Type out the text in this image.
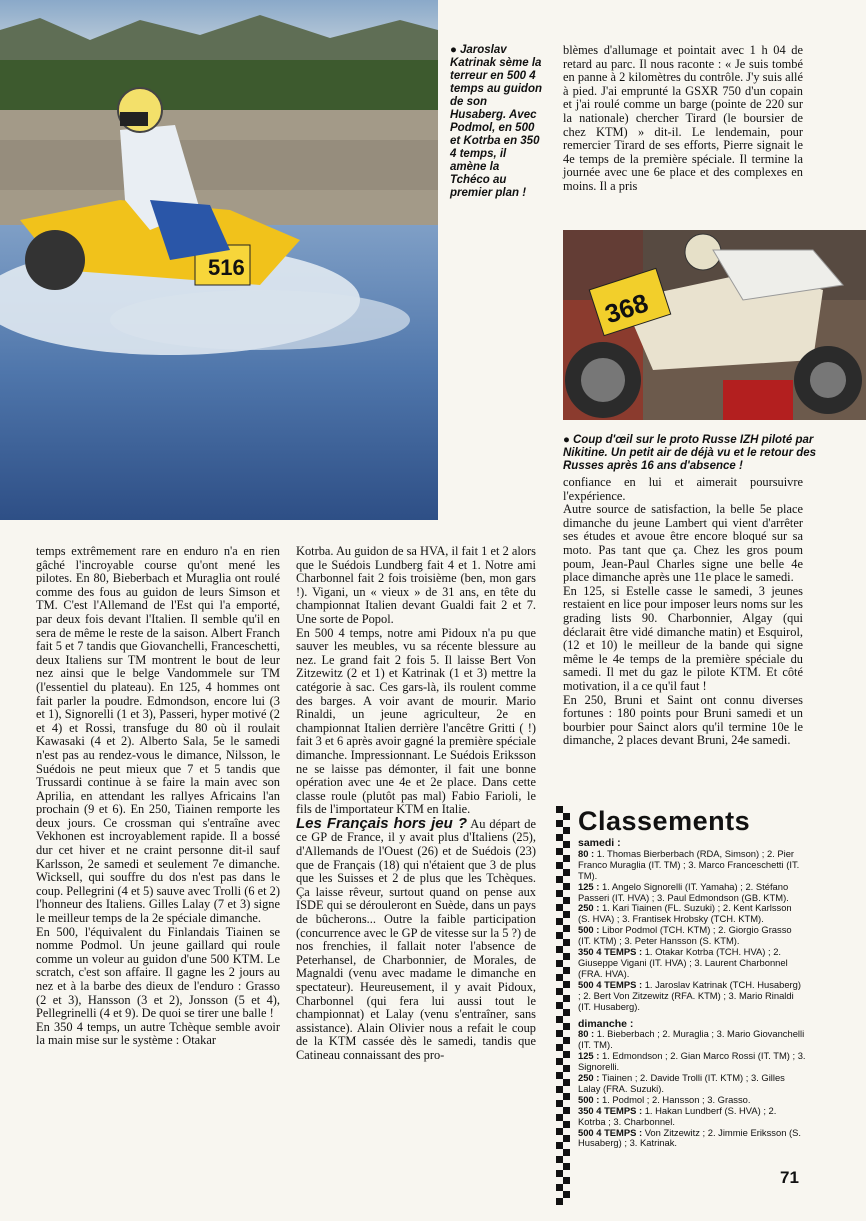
516
● Jaroslav Katrinak sème la terreur en 500 4 temps au guidon de son Husaberg. Avec Podmol, en 500 et Kotrba en 350 4 temps, il amène la Tchéco au premier plan !

blèmes d'allumage et pointait avec 1 h 04 de retard au parc. Il nous raconte : « Je suis tombé en panne à 2 kilomètres du contrôle. J'y suis allé à pied. J'ai emprunté la GSXR 750 d'un copain et j'ai roulé comme un barge (pointe de 220 sur la nationale) chercher Tirard (le boursier de chez KTM) » dit-il. Le lendemain, pour remercier Tirard de ses efforts, Pierre signait le 4e temps de la première spéciale. Il termine la journée avec une 6e place et des complexes en moins. Il a pris

368
● Coup d'œil sur le proto Russe IZH piloté par Nikitine. Un petit air de déjà vu et le retour des Russes après 16 ans d'absence !

confiance en lui et aimerait poursuivre l'expérience.

Autre source de satisfaction, la belle 5e place dimanche du jeune Lambert qui vient d'arrêter ses études et avoue être encore bloqué sur sa moto. Pas tant que ça. Chez les gros poum poum, Jean-Paul Charles signe une belle 4e place dimanche après une 11e place le samedi.

En 125, si Estelle casse le samedi, 3 jeunes restaient en lice pour imposer leurs noms sur les grading lists 90. Charbonnier, Algay (qui déclarait être vidé dimanche matin) et Esquirol, (12 et 10) le meilleur de la bande qui signe même le 4e temps de la première spéciale du samedi. Il met du gaz le pilote KTM. Et côté motivation, il a ce qu'il faut !

En 250, Bruni et Saint ont connu diverses fortunes : 180 points pour Bruni samedi et un bourbier pour Sainct alors qu'il termine 10e le dimanche, 2 places devant Bruni, 24e samedi.

temps extrêmement rare en enduro n'a en rien gâché l'incroyable course qu'ont mené les pilotes. En 80, Bieberbach et Muraglia ont roulé comme des fous au guidon de leurs Simson et TM. C'est l'Allemand de l'Est qui l'a emporté, par deux fois devant l'Italien. Il semble qu'il en sera de même le reste de la saison. Albert Franch fait 5 et 7 tandis que Giovanchelli, Franceschetti, deux Italiens sur TM montrent le bout de leur nez ainsi que le belge Vandommele sur TM (l'essentiel du plateau). En 125, 4 hommes ont fait parler la poudre. Edmondson, encore lui (3 et 1), Signorelli (1 et 3), Passeri, hyper motivé (2 et 4) et Rossi, transfuge du 80 où il roulait Kawasaki (4 et 2). Alberto Sala, 5e le samedi n'est pas au rendez-vous le dimance, Nilsson, le Suédois ne peut mieux que 7 et 5 tandis que Trussardi continue à se faire la main avec son Aprilia, en attendant les rallyes Africains l'an prochain (9 et 6). En 250, Tiainen remporte les deux jours. Ce crossman qui s'entraîne avec Vekhonen est incroyablement rapide. Il a bossé dur cet hiver et ne craint personne dit-il sauf Karlsson, 2e samedi et seulement 7e dimanche. Wicksell, qui souffre du dos n'est pas dans le coup. Pellegrini (4 et 5) sauve avec Trolli (6 et 2) l'honneur des Italiens. Gilles Lalay (7 et 3) signe le meilleur temps de la 2e spéciale dimanche.

En 500, l'équivalent du Finlandais Tiainen se nomme Podmol. Un jeune gaillard qui roule comme un voleur au guidon d'une 500 KTM. Le scratch, c'est son affaire. Il gagne les 2 jours au nez et à la barbe des dieux de l'enduro : Grasso (2 et 3), Hansson (3 et 2), Jonsson (5 et 4), Pellegrinelli (4 et 9). De quoi se tirer une balle !

En 350 4 temps, un autre Tchèque semble avoir la main mise sur le système : Otakar

Kotrba. Au guidon de sa HVA, il fait 1 et 2 alors que le Suédois Lundberg fait 4 et 1. Notre ami Charbonnel fait 2 fois troisième (ben, mon gars !). Vigani, un « vieux » de 31 ans, en tête du championnat Italien devant Gualdi fait 2 et 7. Une sorte de Popol.

En 500 4 temps, notre ami Pidoux n'a pu que sauver les meubles, vu sa récente blessure au nez. Le grand fait 2 fois 5. Il laisse Bert Von Zitzewitz (2 et 1) et Katrinak (1 et 3) mettre la catégorie à sac. Ces gars-là, ils roulent comme des barges. A voir avant de mourir. Mario Rinaldi, un jeune agriculteur, 2e en championnat Italien derrière l'ancêtre Gritti ( !) fait 3 et 6 après avoir gagné la première spéciale dimanche. Impressionnant. Le Suédois Eriksson ne se laisse pas démonter, il fait une bonne opération avec une 4e et 2e place. Dans cette classe roule (plutôt pas mal) Fabio Farioli, le fils de l'importateur KTM en Italie.

Les Français hors jeu ? Au départ de ce GP de France, il y avait plus d'Italiens (25), d'Allemands de l'Ouest (26) et de Suédois (23) que de Français (18) qui n'étaient que 3 de plus que les Suisses et 2 de plus que les Tchèques. Ça laisse rêveur, surtout quand on pense aux ISDE qui se dérouleront en Suède, dans un pays de bûcherons... Outre la faible participation (concurrence avec le GP de vitesse sur la 5 ?) de nos frenchies, il fallait noter l'absence de Peterhansel, de Charbonnier, de Morales, de Magnaldi (venu avec madame le dimanche en spectateur). Heureusement, il y avait Pidoux, Charbonnel (qui fera lui aussi tout le championnat) et Lalay (venu s'entraîner, sans assistance). Alain Olivier nous a refait le coup de la KTM cassée dès le samedi, tandis que Catineau connaissant des pro-

Classements
samedi :
80 : 1. Thomas Bierberbach (RDA, Simson) ; 2. Pier Franco Muraglia (IT. TM) ; 3. Marco Franceschetti (IT. TM).
125 : 1. Angelo Signorelli (IT. Yamaha) ; 2. Stéfano Passeri (IT. HVA) ; 3. Paul Edmondson (GB. KTM).
250 : 1. Kari Tiainen (FL. Suzuki) ; 2. Kent Karlsson (S. HVA) ; 3. Frantisek Hrobsky (TCH. KTM).
500 : Libor Podmol (TCH. KTM) ; 2. Giorgio Grasso (IT. KTM) ; 3. Peter Hansson (S. KTM).
350 4 TEMPS : 1. Otakar Kotrba (TCH. HVA) ; 2. Giuseppe Vigani (IT. HVA) ; 3. Laurent Charbonnel (FRA. HVA).
500 4 TEMPS : 1. Jaroslav Katrinak (TCH. Husaberg) ; 2. Bert Von Zitzewitz (RFA. KTM) ; 3. Mario Rinaldi (IT. Husaberg).
dimanche :
80 : 1. Bieberbach ; 2. Muraglia ; 3. Mario Giovanchelli (IT. TM).
125 : 1. Edmondson ; 2. Gian Marco Rossi (IT. TM) ; 3. Signorelli.
250 : Tiainen ; 2. Davide Trolli (IT. KTM) ; 3. Gilles Lalay (FRA. Suzuki).
500 : 1. Podmol ; 2. Hansson ; 3. Grasso.
350 4 TEMPS : 1. Hakan Lundberf (S. HVA) ; 2. Kotrba ; 3. Charbonnel.
500 4 TEMPS : Von Zitzewitz ; 2. Jimmie Eriksson (S. Husaberg) ; 3. Katrinak.
71
